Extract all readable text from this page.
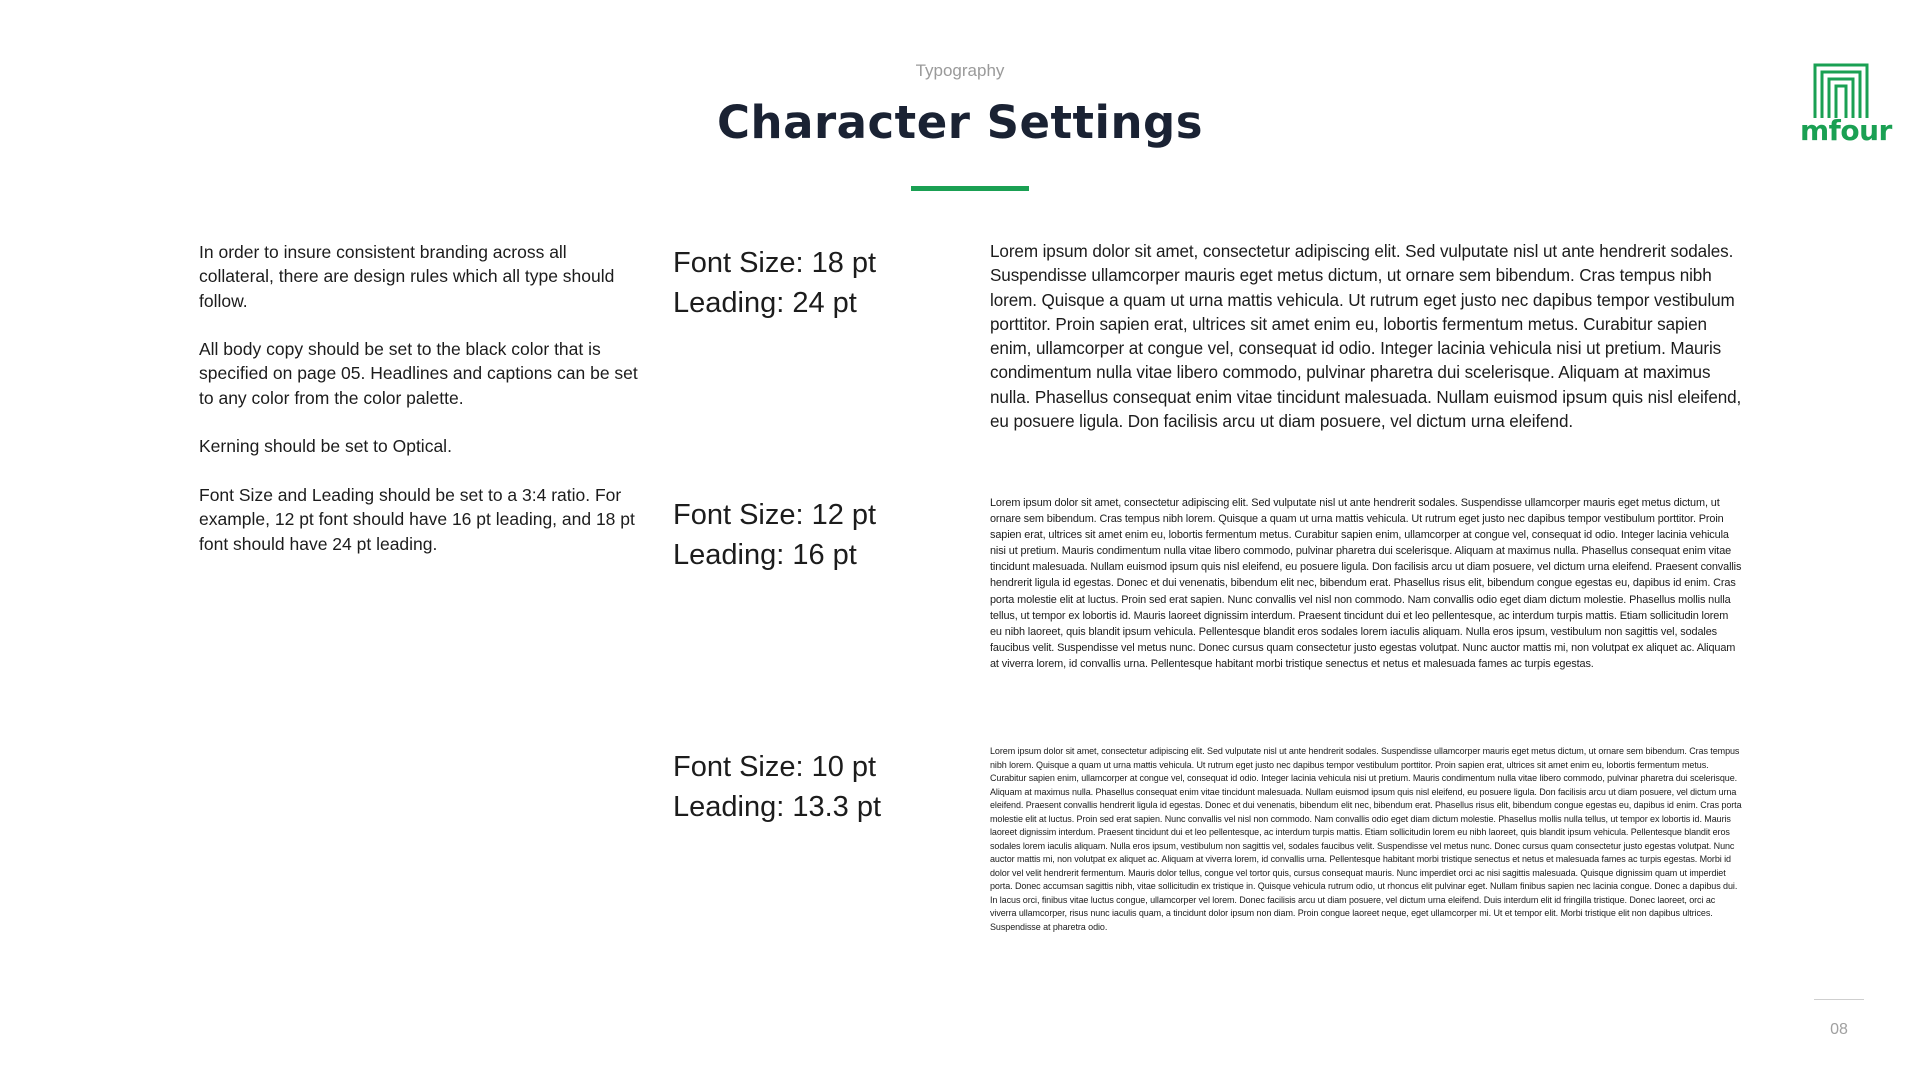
Typography
Character Settings	mfour

In order to insure consistent branding across all collateral, there are design rules which all type should follow.

All body copy should be set to the black color that is specified on page 05. Headlines and captions can be set to any color from the color palette.

Kerning should be set to Optical.

Font Size and Leading should be set to a 3:4 ratio. For example, 12 pt font should have 16 pt leading, and 18 pt font should have 24 pt leading.

Font Size: 18 pt
Leading: 24 pt
Font Size: 12 pt
Leading: 16 pt
Font Size: 10 pt
Leading: 13.3 pt
Lorem ipsum dolor sit amet, consectetur adipiscing elit. Sed vulputate nisl ut ante hendrerit sodales. Suspendisse ullamcorper mauris eget metus dictum, ut ornare sem bibendum. Cras tempus nibh lorem. Quisque a quam ut urna mattis vehicula. Ut rutrum eget justo nec dapibus tempor vestibulum porttitor. Proin sapien erat, ultrices sit amet enim eu, lobortis fermentum metus. Curabitur sapien enim, ullamcorper at congue vel, consequat id odio. Integer lacinia vehicula nisi ut pretium. Mauris condimentum nulla vitae libero commodo, pulvinar pharetra dui scelerisque. Aliquam at maximus nulla. Phasellus consequat enim vitae tincidunt malesuada. Nullam euismod ipsum quis nisl eleifend, eu posuere ligula. Don facilisis arcu ut diam posuere, vel dictum urna eleifend.
Lorem ipsum dolor sit amet, consectetur adipiscing elit. Sed vulputate nisl ut ante hendrerit sodales. Suspendisse ullamcorper mauris eget metus dictum, ut ornare sem bibendum. Cras tempus nibh lorem. Quisque a quam ut urna mattis vehicula. Ut rutrum eget justo nec dapibus tempor vestibulum porttitor. Proin sapien erat, ultrices sit amet enim eu, lobortis fermentum metus. Curabitur sapien enim, ullamcorper at congue vel, consequat id odio. Integer lacinia vehicula nisi ut pretium. Mauris condimentum nulla vitae libero commodo, pulvinar pharetra dui scelerisque. Aliquam at maximus nulla. Phasellus consequat enim vitae tincidunt malesuada. Nullam euismod ipsum quis nisl eleifend, eu posuere ligula. Don facilisis arcu ut diam posuere, vel dictum urna eleifend. Praesent convallis hendrerit ligula id egestas. Donec et dui venenatis, bibendum elit nec, bibendum erat. Phasellus risus elit, bibendum congue egestas eu, dapibus id enim. Cras porta molestie elit at luctus. Proin sed erat sapien. Nunc convallis vel nisl non commodo. Nam convallis odio eget diam dictum molestie. Phasellus mollis nulla tellus, ut tempor ex lobortis id. Mauris laoreet dignissim interdum. Praesent tincidunt dui et leo pellentesque, ac interdum turpis mattis. Etiam sollicitudin lorem eu nibh laoreet, quis blandit ipsum vehicula. Pellentesque blandit eros sodales lorem iaculis aliquam. Nulla eros ipsum, vestibulum non sagittis vel, sodales faucibus velit. Suspendisse vel metus nunc. Donec cursus quam consectetur justo egestas volutpat. Nunc auctor mattis mi, non volutpat ex aliquet ac. Aliquam at viverra lorem, id convallis urna. Pellentesque habitant morbi tristique senectus et netus et malesuada fames ac turpis egestas.
Lorem ipsum dolor sit amet, consectetur adipiscing elit. Sed vulputate nisl ut ante hendrerit sodales. Suspendisse ullamcorper mauris eget metus dictum, ut ornare sem bibendum. Cras tempus nibh lorem. Quisque a quam ut urna mattis vehicula. Ut rutrum eget justo nec dapibus tempor vestibulum porttitor. Proin sapien erat, ultrices sit amet enim eu, lobortis fermentum metus. Curabitur sapien enim, ullamcorper at congue vel, consequat id odio. Integer lacinia vehicula nisi ut pretium. Mauris condimentum nulla vitae libero commodo, pulvinar pharetra dui scelerisque. Aliquam at maximus nulla. Phasellus consequat enim vitae tincidunt malesuada. Nullam euismod ipsum quis nisl eleifend, eu posuere ligula. Don facilisis arcu ut diam posuere, vel dictum urna eleifend. Praesent convallis hendrerit ligula id egestas. Donec et dui venenatis, bibendum elit nec, bibendum erat. Phasellus risus elit, bibendum congue egestas eu, dapibus id enim. Cras porta molestie elit at luctus. Proin sed erat sapien. Nunc convallis vel nisl non commodo. Nam convallis odio eget diam dictum molestie. Phasellus mollis nulla tellus, ut tempor ex lobortis id. Mauris laoreet dignissim interdum. Praesent tincidunt dui et leo pellentesque, ac interdum turpis mattis. Etiam sollicitudin lorem eu nibh laoreet, quis blandit ipsum vehicula. Pellentesque blandit eros sodales lorem iaculis aliquam. Nulla eros ipsum, vestibulum non sagittis vel, sodales faucibus velit. Suspendisse vel metus nunc. Donec cursus quam consectetur justo egestas volutpat. Nunc auctor mattis mi, non volutpat ex aliquet ac. Aliquam at viverra lorem, id convallis urna. Pellentesque habitant morbi tristique senectus et netus et malesuada fames ac turpis egestas. Morbi id dolor vel velit hendrerit fermentum. Mauris dolor tellus, congue vel tortor quis, cursus consequat mauris. Nunc imperdiet orci ac nisi sagittis malesuada. Quisque dignissim quam ut imperdiet porta. Donec accumsan sagittis nibh, vitae sollicitudin ex tristique in. Quisque vehicula rutrum odio, ut rhoncus elit pulvinar eget. Nullam finibus sapien nec lacinia congue. Donec a dapibus dui. In lacus orci, finibus vitae luctus congue, ullamcorper vel lorem. Donec facilisis arcu ut diam posuere, vel dictum urna eleifend. Duis interdum elit id fringilla tristique. Donec laoreet, orci ac viverra ullamcorper, risus nunc iaculis quam, a tincidunt dolor ipsum non diam. Proin congue laoreet neque, eget ullamcorper mi. Ut et tempor elit. Morbi tristique elit non dapibus ultrices. Suspendisse at pharetra odio.
08
